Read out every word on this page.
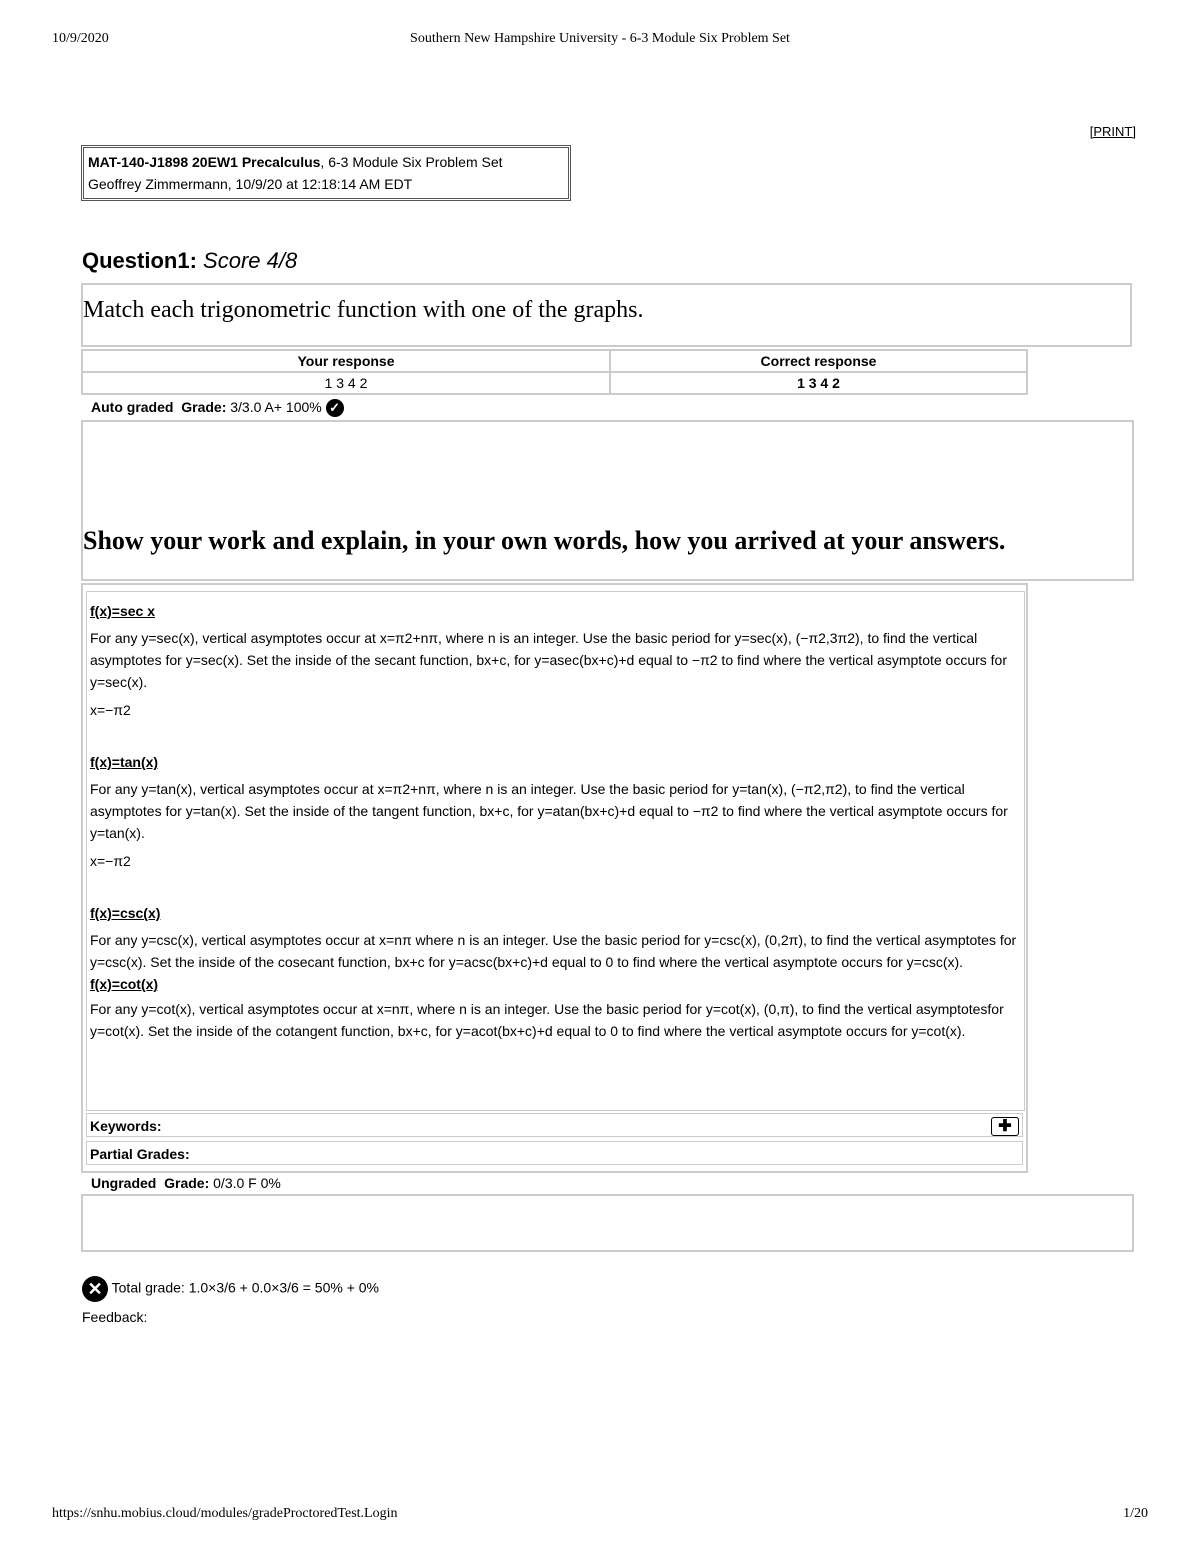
10/9/2020	Southern New Hampshire University - 6-3 Module Six Problem Set
[PRINT]
MAT-140-J1898 20EW1 Precalculus, 6-3 Module Six Problem Set
Geoffrey Zimmermann, 10/9/20 at 12:18:14 AM EDT
Question1: Score 4/8
Match each trigonometric function with one of the graphs.
Your response	Correct response
1 3 4 2	1 3 4 2
Auto graded Grade: 3/3.0 A+ 100% ✓
Show your work and explain, in your own words, how you arrived at your answers.
f(x)=sec x

For any y=sec(x), vertical asymptotes occur at x=π2+nπ, where n is an integer. Use the basic period for y=sec(x), (−π2,3π2), to find the vertical asymptotes for y=sec(x). Set the inside of the secant function, bx+c, for y=asec(bx+c)+d equal to −π2 to find where the vertical asymptote occurs for y=sec(x).

x=−π2

f(x)=tan(x)

For any y=tan(x), vertical asymptotes occur at x=π2+nπ, where n is an integer. Use the basic period for y=tan(x), (−π2,π2), to find the vertical asymptotes for y=tan(x). Set the inside of the tangent function, bx+c, for y=atan(bx+c)+d equal to −π2 to find where the vertical asymptote occurs for y=tan(x).

x=−π2

f(x)=csc(x)

For any y=csc(x), vertical asymptotes occur at x=nπ where n is an integer. Use the basic period for y=csc(x), (0,2π), to find the vertical asymptotes for y=csc(x). Set the inside of the cosecant function, bx+c for y=acsc(bx+c)+d equal to 0 to find where the vertical asymptote occurs for y=csc(x).

f(x)=cot(x)

For any y=cot(x), vertical asymptotes occur at x=nπ, where n is an integer. Use the basic period for y=cot(x), (0,π), to find the vertical asymptotesfor y=cot(x). Set the inside of the cotangent function, bx+c, for y=acot(bx+c)+d equal to 0 to find where the vertical asymptote occurs for y=cot(x).

Keywords:	✚
Partial Grades:
Ungraded Grade: 0/3.0 F 0%
✕ Total grade: 1.0×3/6 + 0.0×3/6 = 50% + 0%
Feedback:
https://snhu.mobius.cloud/modules/gradeProctoredTest.Login	1/20
